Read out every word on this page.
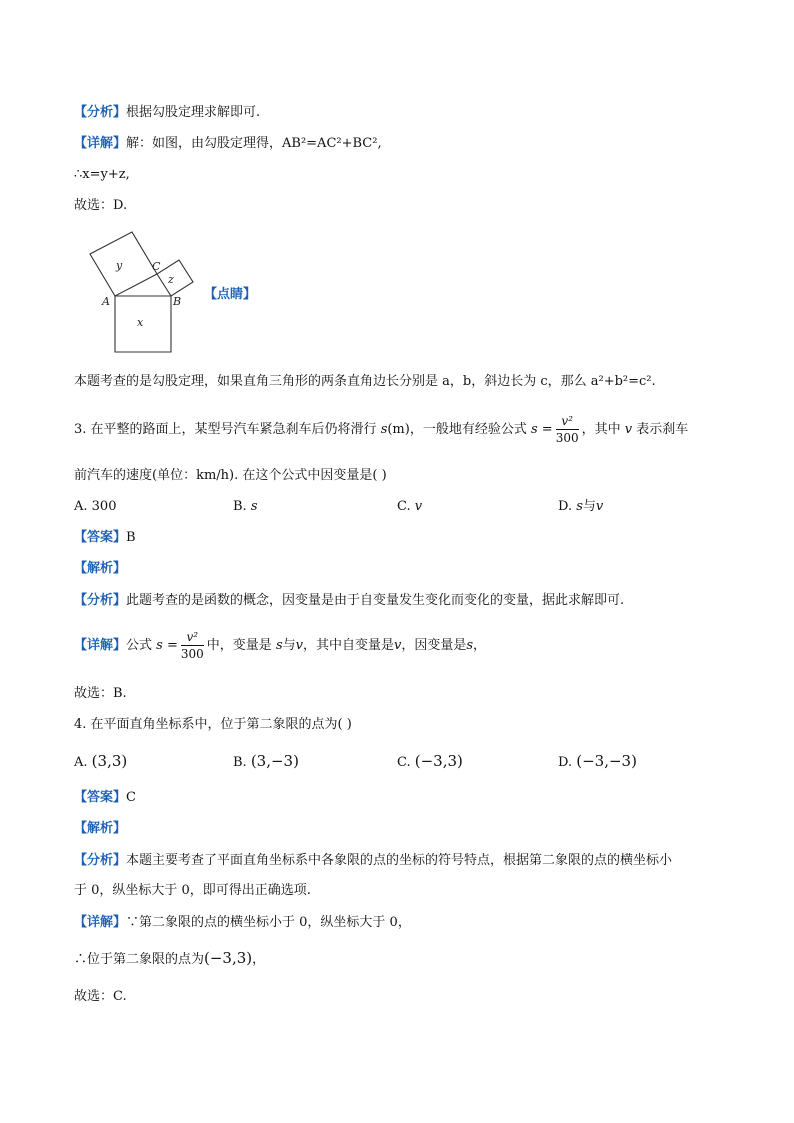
【分析】根据勾股定理求解即可.
【详解】解：如图，由勾股定理得，AB²=AC²+BC²,
∴x=y+z,
故选：D.
y	C
z
A	B
x
【点睛】
本题考查的是勾股定理，如果直角三角形的两条直角边长分别是 a，b，斜边长为 c，那么 a²+b²=c².
3. 在平整的路面上，某型号汽车紧急刹车后仍将滑行 s(m)，一般地有经验公式 $s = \frac{\text{v²}}{300}$ ，其中 v 表示刹车
前汽车的速度(单位：km/h). 在这个公式中因变量是( )
A. 300	B. s	C. v	D. s与v
【答案】B
【解析】
【分析】此题考查的是函数的概念，因变量是由于自变量发生变化而变化的变量，据此求解即可.
【详解】公式 $s = \frac{\text{v²}}{300}$ 中，变量是 s与v，其中自变量是v，因变量是s，
故选：B.
4. 在平面直角坐标系中，位于第二象限的点为( )
A. (3,3)	B. (3,−3)	C. (−3,3)	D. (−3,−3)
【答案】C
【解析】
【分析】本题主要考查了平面直角坐标系中各象限的点的坐标的符号特点，根据第二象限的点的横坐标小
于 0，纵坐标大于 0，即可得出正确选项.
【详解】∵第二象限的点的横坐标小于 0，纵坐标大于 0，
∴位于第二象限的点为(−3,3)，
故选：C.
